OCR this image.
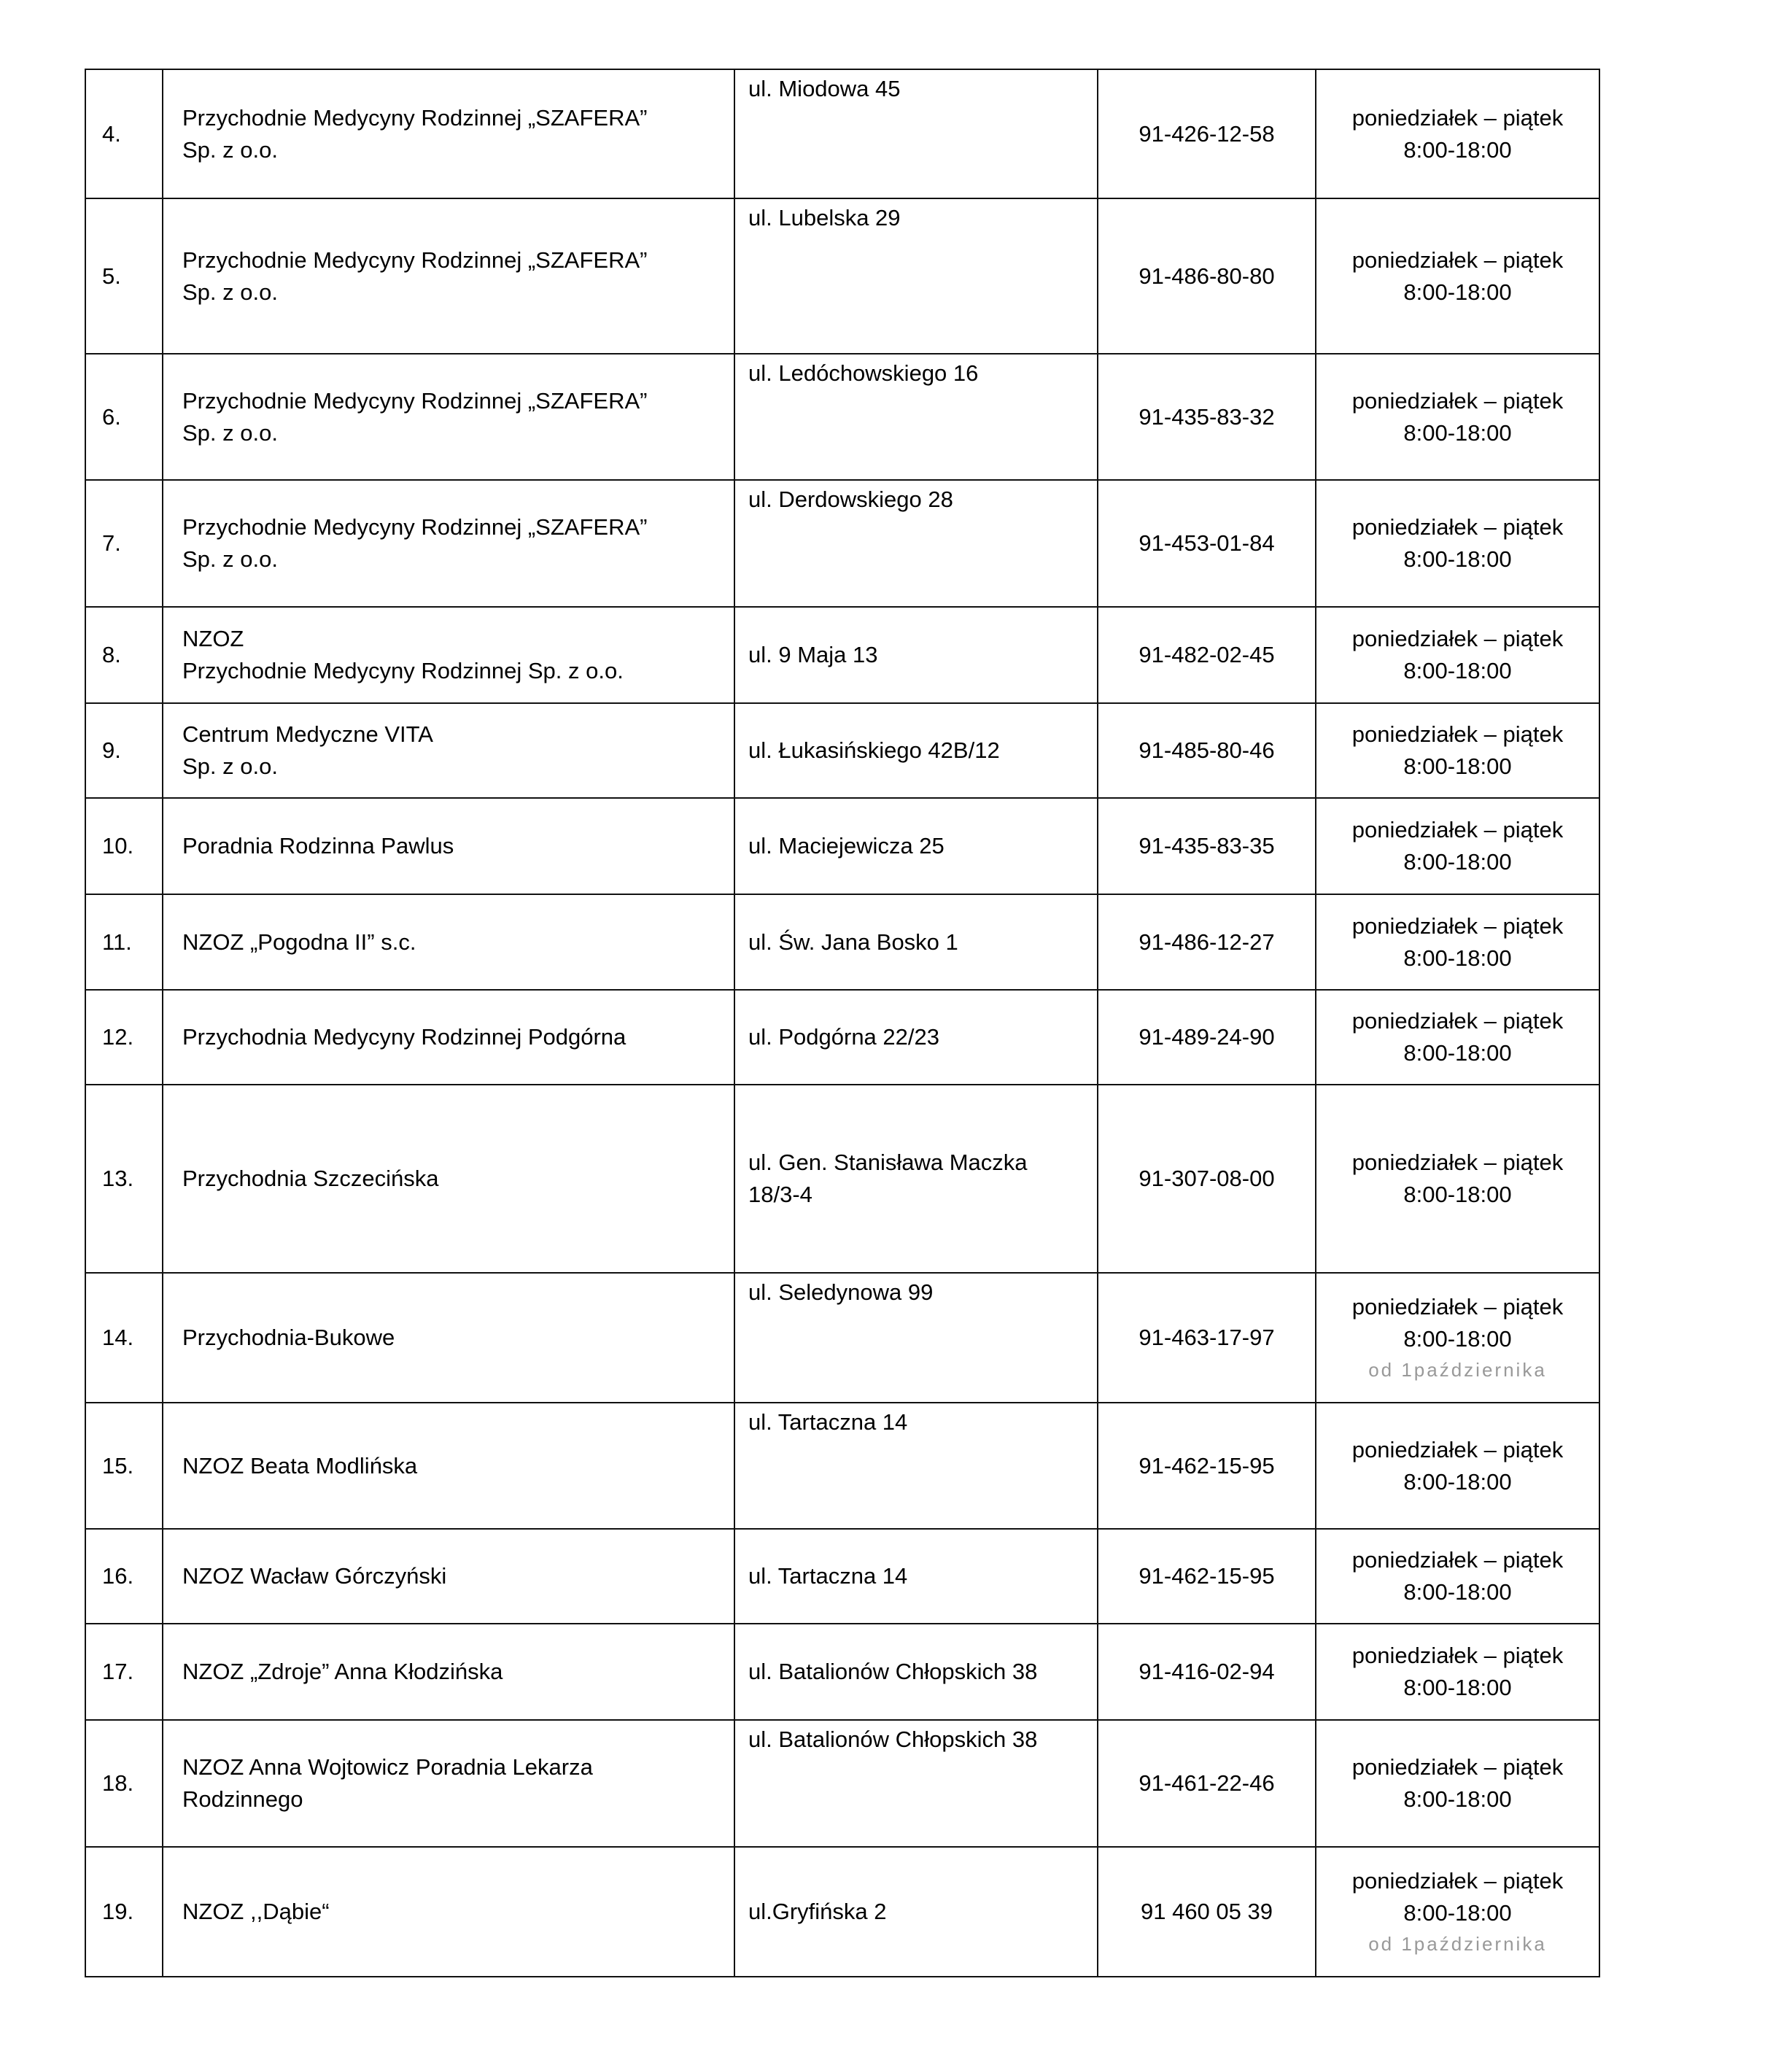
4.	Przychodnie Medycyny Rodzinnej „SZAFERA”
Sp. z o.o.	ul. Miodowa 45	91-426-12-58	poniedziałek – piątek
8:00-18:00

5.	Przychodnie Medycyny Rodzinnej „SZAFERA”
Sp. z o.o.	ul. Lubelska 29	91-486-80-80	poniedziałek – piątek
8:00-18:00

6.	Przychodnie Medycyny Rodzinnej „SZAFERA”
Sp. z o.o.	ul. Ledóchowskiego 16	91-435-83-32	poniedziałek – piątek
8:00-18:00

7.	Przychodnie Medycyny Rodzinnej „SZAFERA”
Sp. z o.o.	ul. Derdowskiego 28	91-453-01-84	poniedziałek – piątek
8:00-18:00

8.	NZOZ
Przychodnie Medycyny Rodzinnej Sp. z o.o.	ul. 9 Maja 13	91-482-02-45	poniedziałek – piątek
8:00-18:00

9.	Centrum Medyczne VITA
Sp. z o.o.	ul. Łukasińskiego 42B/12	91-485-80-46	poniedziałek – piątek
8:00-18:00

10.	Poradnia Rodzinna Pawlus	ul. Maciejewicza 25	91-435-83-35	poniedziałek – piątek
8:00-18:00

11.	NZOZ „Pogodna II” s.c.	ul. Św. Jana Bosko 1	91-486-12-27	poniedziałek – piątek
8:00-18:00

12.	Przychodnia Medycyny Rodzinnej Podgórna	ul. Podgórna 22/23	91-489-24-90	poniedziałek – piątek
8:00-18:00

13.	Przychodnia Szczecińska	ul. Gen. Stanisława Maczka
18/3-4	91-307-08-00	poniedziałek – piątek
8:00-18:00

14.	Przychodnia-Bukowe	ul. Seledynowa 99	91-463-17-97	poniedziałek – piątek
8:00-18:00
od 1października

15.	NZOZ Beata Modlińska	ul. Tartaczna 14	91-462-15-95	poniedziałek – piątek
8:00-18:00

16.	NZOZ Wacław Górczyński	ul. Tartaczna 14	91-462-15-95	poniedziałek – piątek
8:00-18:00

17.	NZOZ „Zdroje” Anna Kłodzińska	ul. Batalionów Chłopskich 38	91-416-02-94	poniedziałek – piątek
8:00-18:00

18.	NZOZ Anna Wojtowicz Poradnia Lekarza
Rodzinnego	ul. Batalionów Chłopskich 38	91-461-22-46	poniedziałek – piątek
8:00-18:00

19.	NZOZ ,,Dąbie“	ul.Gryfińska 2	91 460 05 39	poniedziałek – piątek
8:00-18:00
od 1października
